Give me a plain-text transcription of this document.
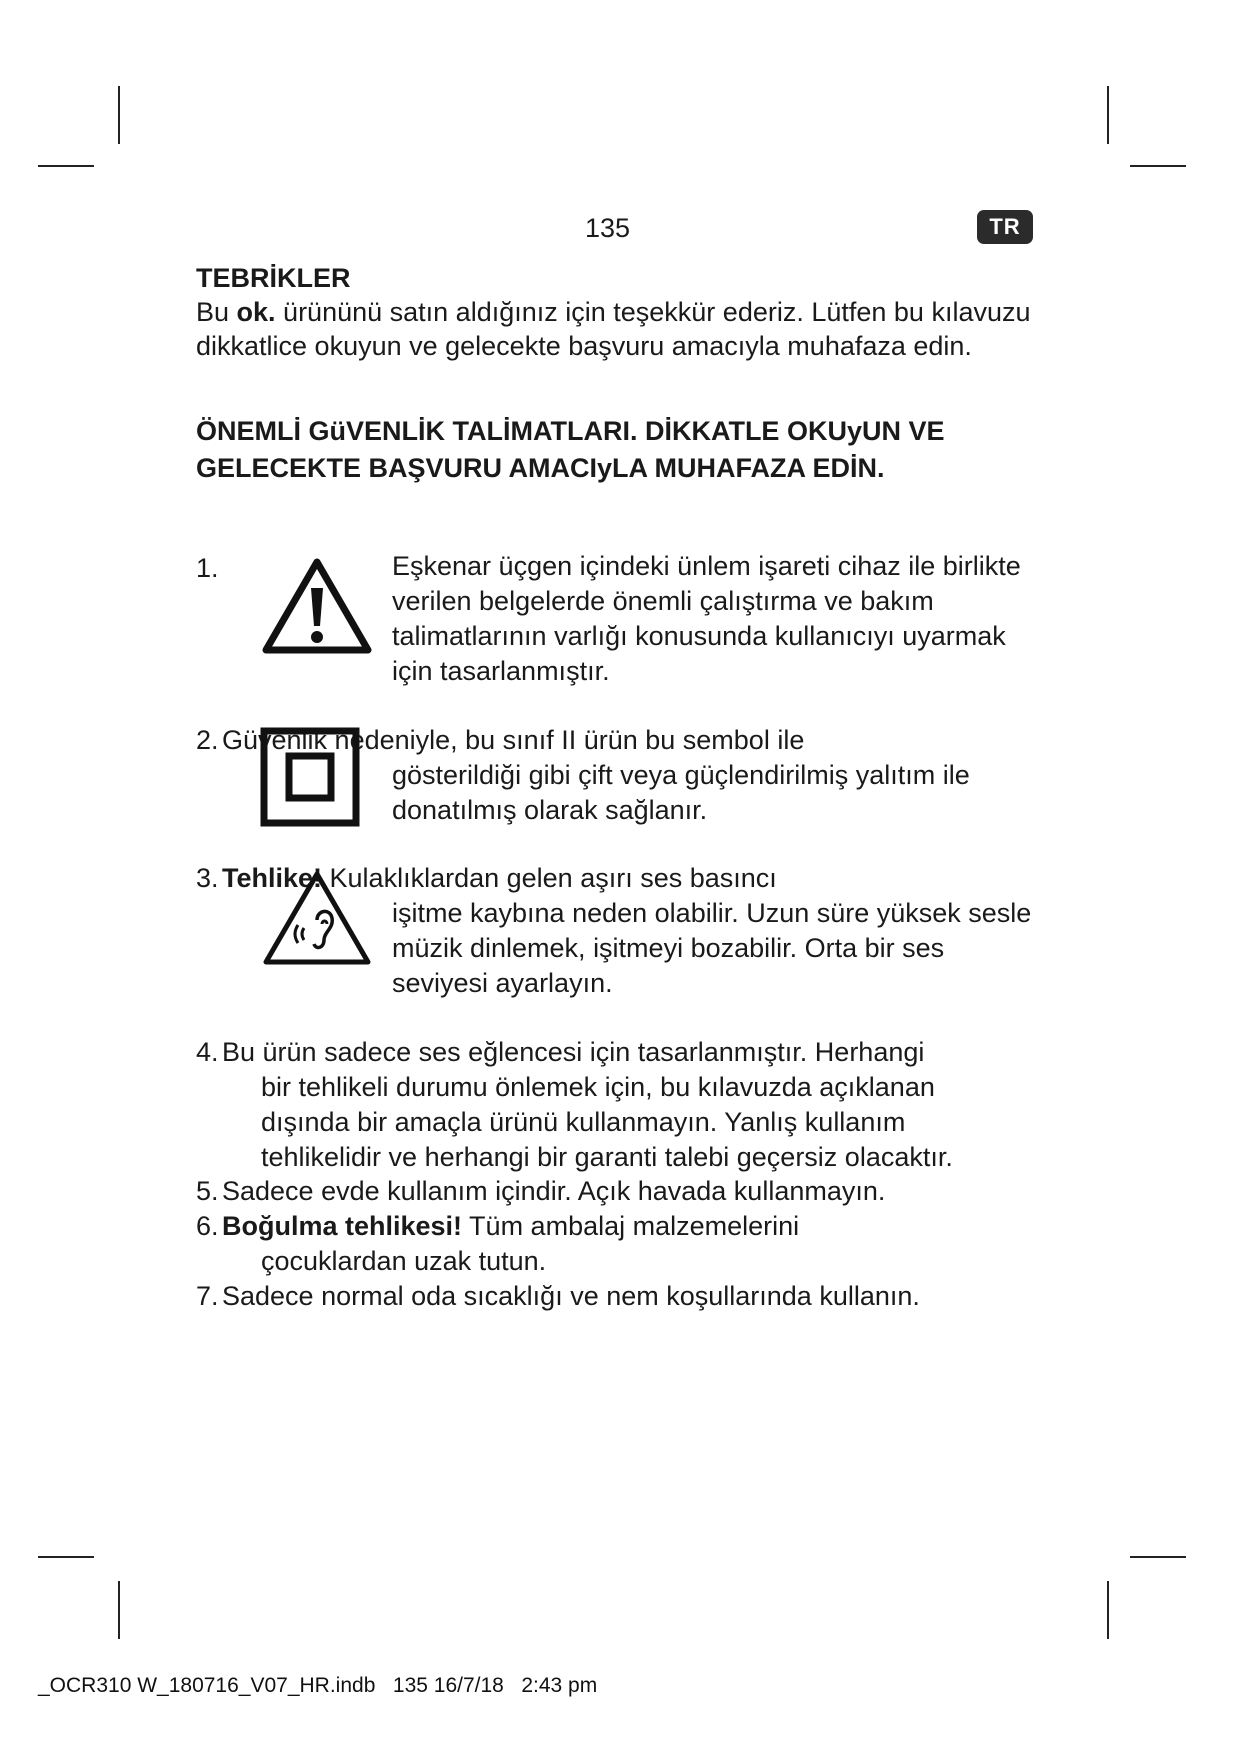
135	TR
TEBRİKLER

Bu ok. ürününü satın aldığınız için teşekkür ederiz. Lütfen bu kılavuzu dikkatlice okuyun ve gelecekte başvuru amacıyla muhafaza edin.

ÖNEMLİ GüVENLİK TALİMATLARI. DİKKATLE OKUyUN VE GELECEKTE BAŞVURU AMACIyLA MUHAFAZA EDİN.
1.	Eşkenar üçgen içindeki ünlem işareti cihaz ile birlikte verilen belgelerde önemli çalıştırma ve bakım talimatlarının varlığı konusunda kullanıcıyı uyarmak için tasarlanmıştır.
2. Güvenlik nedeniyle, bu sınıf II ürün bu sembol ile
gösterildiği gibi çift veya güçlendirilmiş yalıtım ile donatılmış olarak sağlanır.
3. Tehlike! Kulaklıklardan gelen aşırı ses basıncı
işitme kaybına neden olabilir. Uzun süre yüksek sesle müzik dinlemek, işitmeyi bozabilir. Orta bir ses seviyesi ayarlayın.
4. Bu ürün sadece ses eğlencesi için tasarlanmıştır. Herhangi
bir tehlikeli durumu önlemek için, bu kılavuzda açıklanan dışında bir amaçla ürünü kullanmayın. Yanlış kullanım tehlikelidir ve herhangi bir garanti talebi geçersiz olacaktır.
5. Sadece evde kullanım içindir. Açık havada kullanmayın.
6. Boğulma tehlikesi! Tüm ambalaj malzemelerini
çocuklardan uzak tutun.
7. Sadece normal oda sıcaklığı ve nem koşullarında kullanın.
_OCR310 W_180716_V07_HR.indb   135 16/7/18   2:43 pm
